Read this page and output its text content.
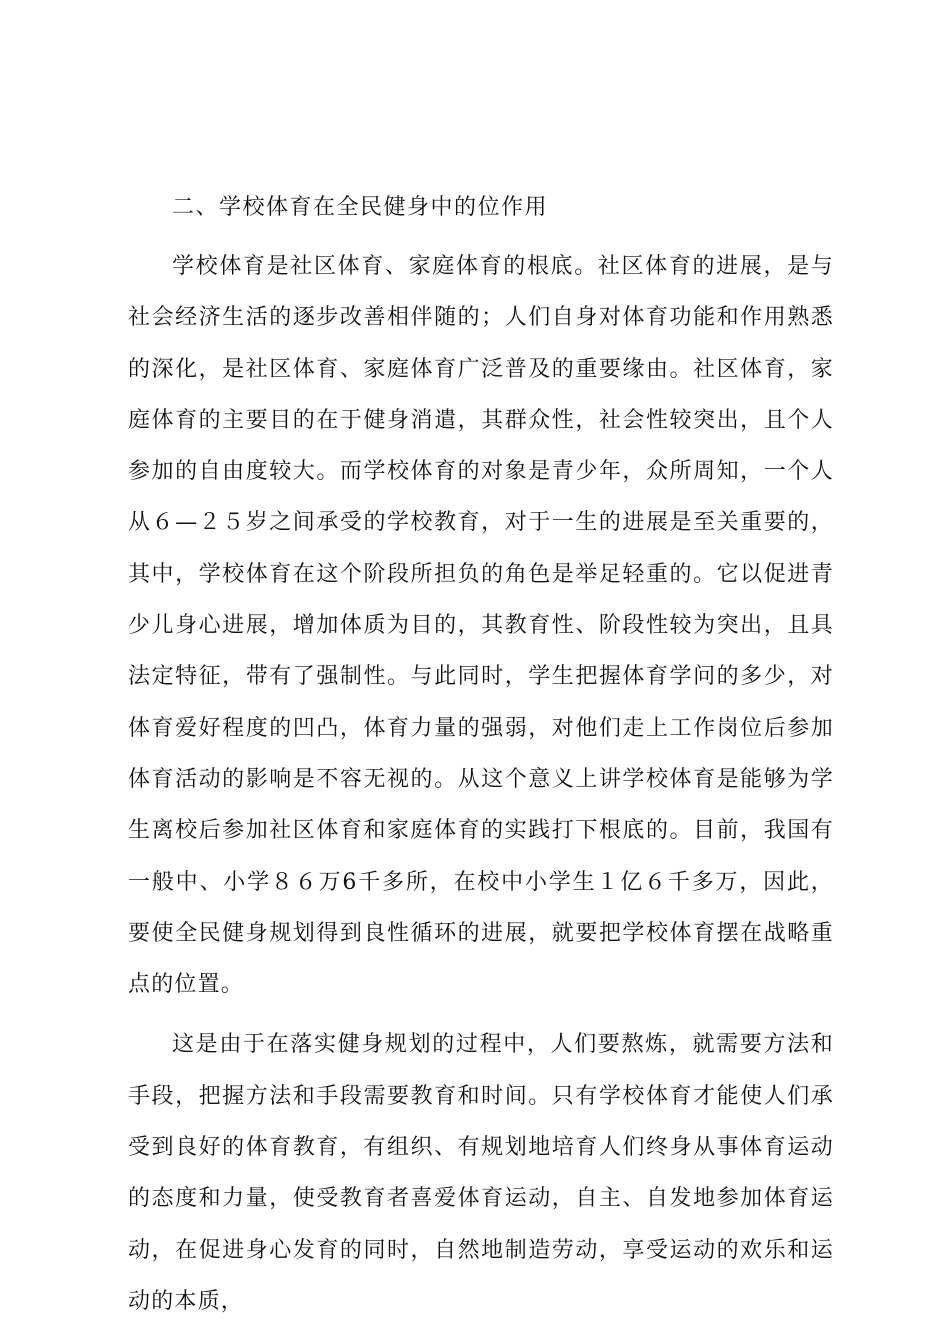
二、学校体育在全民健身中的位作用

学校体育是社区体育、家庭体育的根底。社区体育的进展，是与社会经济生活的逐步改善相伴随的；人们自身对体育功能和作用熟悉的深化，是社区体育、家庭体育广泛普及的重要缘由。社区体育，家庭体育的主要目的在于健身消遣，其群众性，社会性较突出，且个人参加的自由度较大。而学校体育的对象是青少年，众所周知，一个人从６—２５岁之间承受的学校教育，对于一生的进展是至关重要的，其中，学校体育在这个阶段所担负的角色是举足轻重的。它以促进青少儿身心进展，增加体质为目的，其教育性、阶段性较为突出，且具法定特征，带有了强制性。与此同时，学生把握体育学问的多少，对体育爱好程度的凹凸，体育力量的强弱，对他们走上工作岗位后参加体育活动的影响是不容无视的。从这个意义上讲学校体育是能够为学生离校后参加社区体育和家庭体育的实践打下根底的。目前，我国有一般中、小学８６万6千多所，在校中小学生１亿６千多万，因此，要使全民健身规划得到良性循环的进展，就要把学校体育摆在战略重点的位置。

这是由于在落实健身规划的过程中，人们要熬炼，就需要方法和手段，把握方法和手段需要教育和时间。只有学校体育才能使人们承受到良好的体育教育，有组织、有规划地培育人们终身从事体育运动的态度和力量，使受教育者喜爱体育运动，自主、自发地参加体育运动，在促进身心发育的同时，自然地制造劳动，享受运动的欢乐和运动的本质，
